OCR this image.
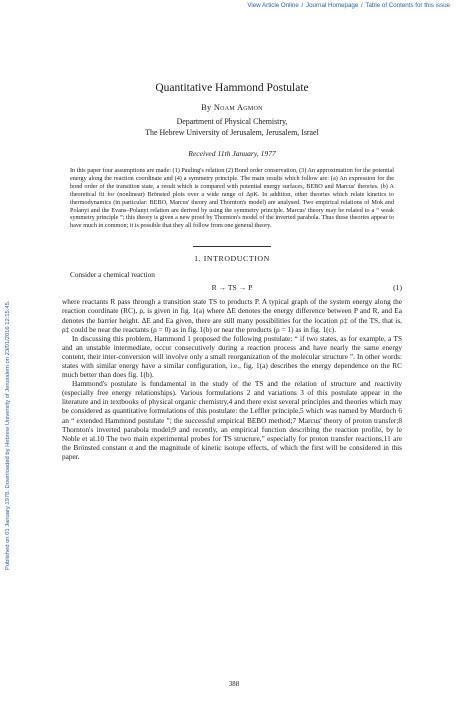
View Article Online / Journal Homepage / Table of Contents for this issue
Published on 01 January 1978. Downloaded by Hebrew University of Jerusalem on 23/01/2016 12:15:45.
Quantitative Hammond Postulate
By Noam Agmon
Department of Physical Chemistry,
The Hebrew University of Jerusalem, Jerusalem, Israel
Received 11th January, 1977

In this paper four assumptions are made: (1) Pauling's relation (2) Bond order conservation, (3) An approximation for the potential energy along the reaction coordinate and (4) a symmetry principle. The main results which follow are: (a) An expression for the bond order of the transition state, a result which is compared with potential energy surfaces, BEBO and Marcus' theories. (b) A theoretical fit for (nonlinear) Brönsted plots over a wide range of ΔpK. In addition, other theories which relate kinetics to thermodynamics (in particular: BEBO, Marcus' theory and Thornton's model) are analysed. Two empirical relations of Mok and Polanyi and the Evans–Polanyi relation are derived by using the symmetry principle. Marcus' theory may be related to a “ weak symmetry principle ”; this theory is given a new proof by Thornton's model of the inverted parabola. Thus these theories appear to have much in common; it is possible that they all follow from one general theory.

1. INTRODUCTION

Consider a chemical reaction

R → TS → P	(1)

where reactants R pass through a transition state TS to products P. A typical graph of the system energy along the reaction coordinate (RC), ρ, is given in fig. 1(a) where ΔE denotes the energy difference between P and R, and Ea denotes the barrier height. ΔE and Ea given, there are still many possibilities for the location ρ‡ of the TS, that is, ρ‡ could be near the reactants (ρ = 0) as in fig. 1(b) or near the products (ρ = 1) as in fig. 1(c).

In discussing this problem, Hammond 1 proposed the following postulate: “ if two states, as for example, a TS and an unstable intermediate, occur consecutively during a reaction process and have nearly the same energy content, their inter-conversion will involve only a small reorganization of the molecular structure ”. In other words: states with similar energy have a similar configuration, i.e., fig. 1(a) describes the energy dependence on the RC much better than does fig. 1(b).

Hammond's postulate is fundamental in the study of the TS and the relation of structure and reactivity (especially free energy relationships). Various formulations 2 and variations 3 of this postulate appear in the literature and in textbooks of physical organic chemistry,4 and there exist several principles and theories which may be considered as quantitative formulations of this postulate: the Leffler principle,5 which was named by Murdoch 6 an “ extended Hammond postulate ”; the successful empirical BEBO method;7 Marcus' theory of proton transfer;8 Thornton's inverted parabola model;9 and recently, an empirical function describing the reaction profile, by le Noble et al.10 The two main experimental probes for TS structure,” especially for proton transfer reactions,11 are the Brönsted constant α and the magnitude of kinetic isotope effects, of which the first will be considered in this paper.

388
